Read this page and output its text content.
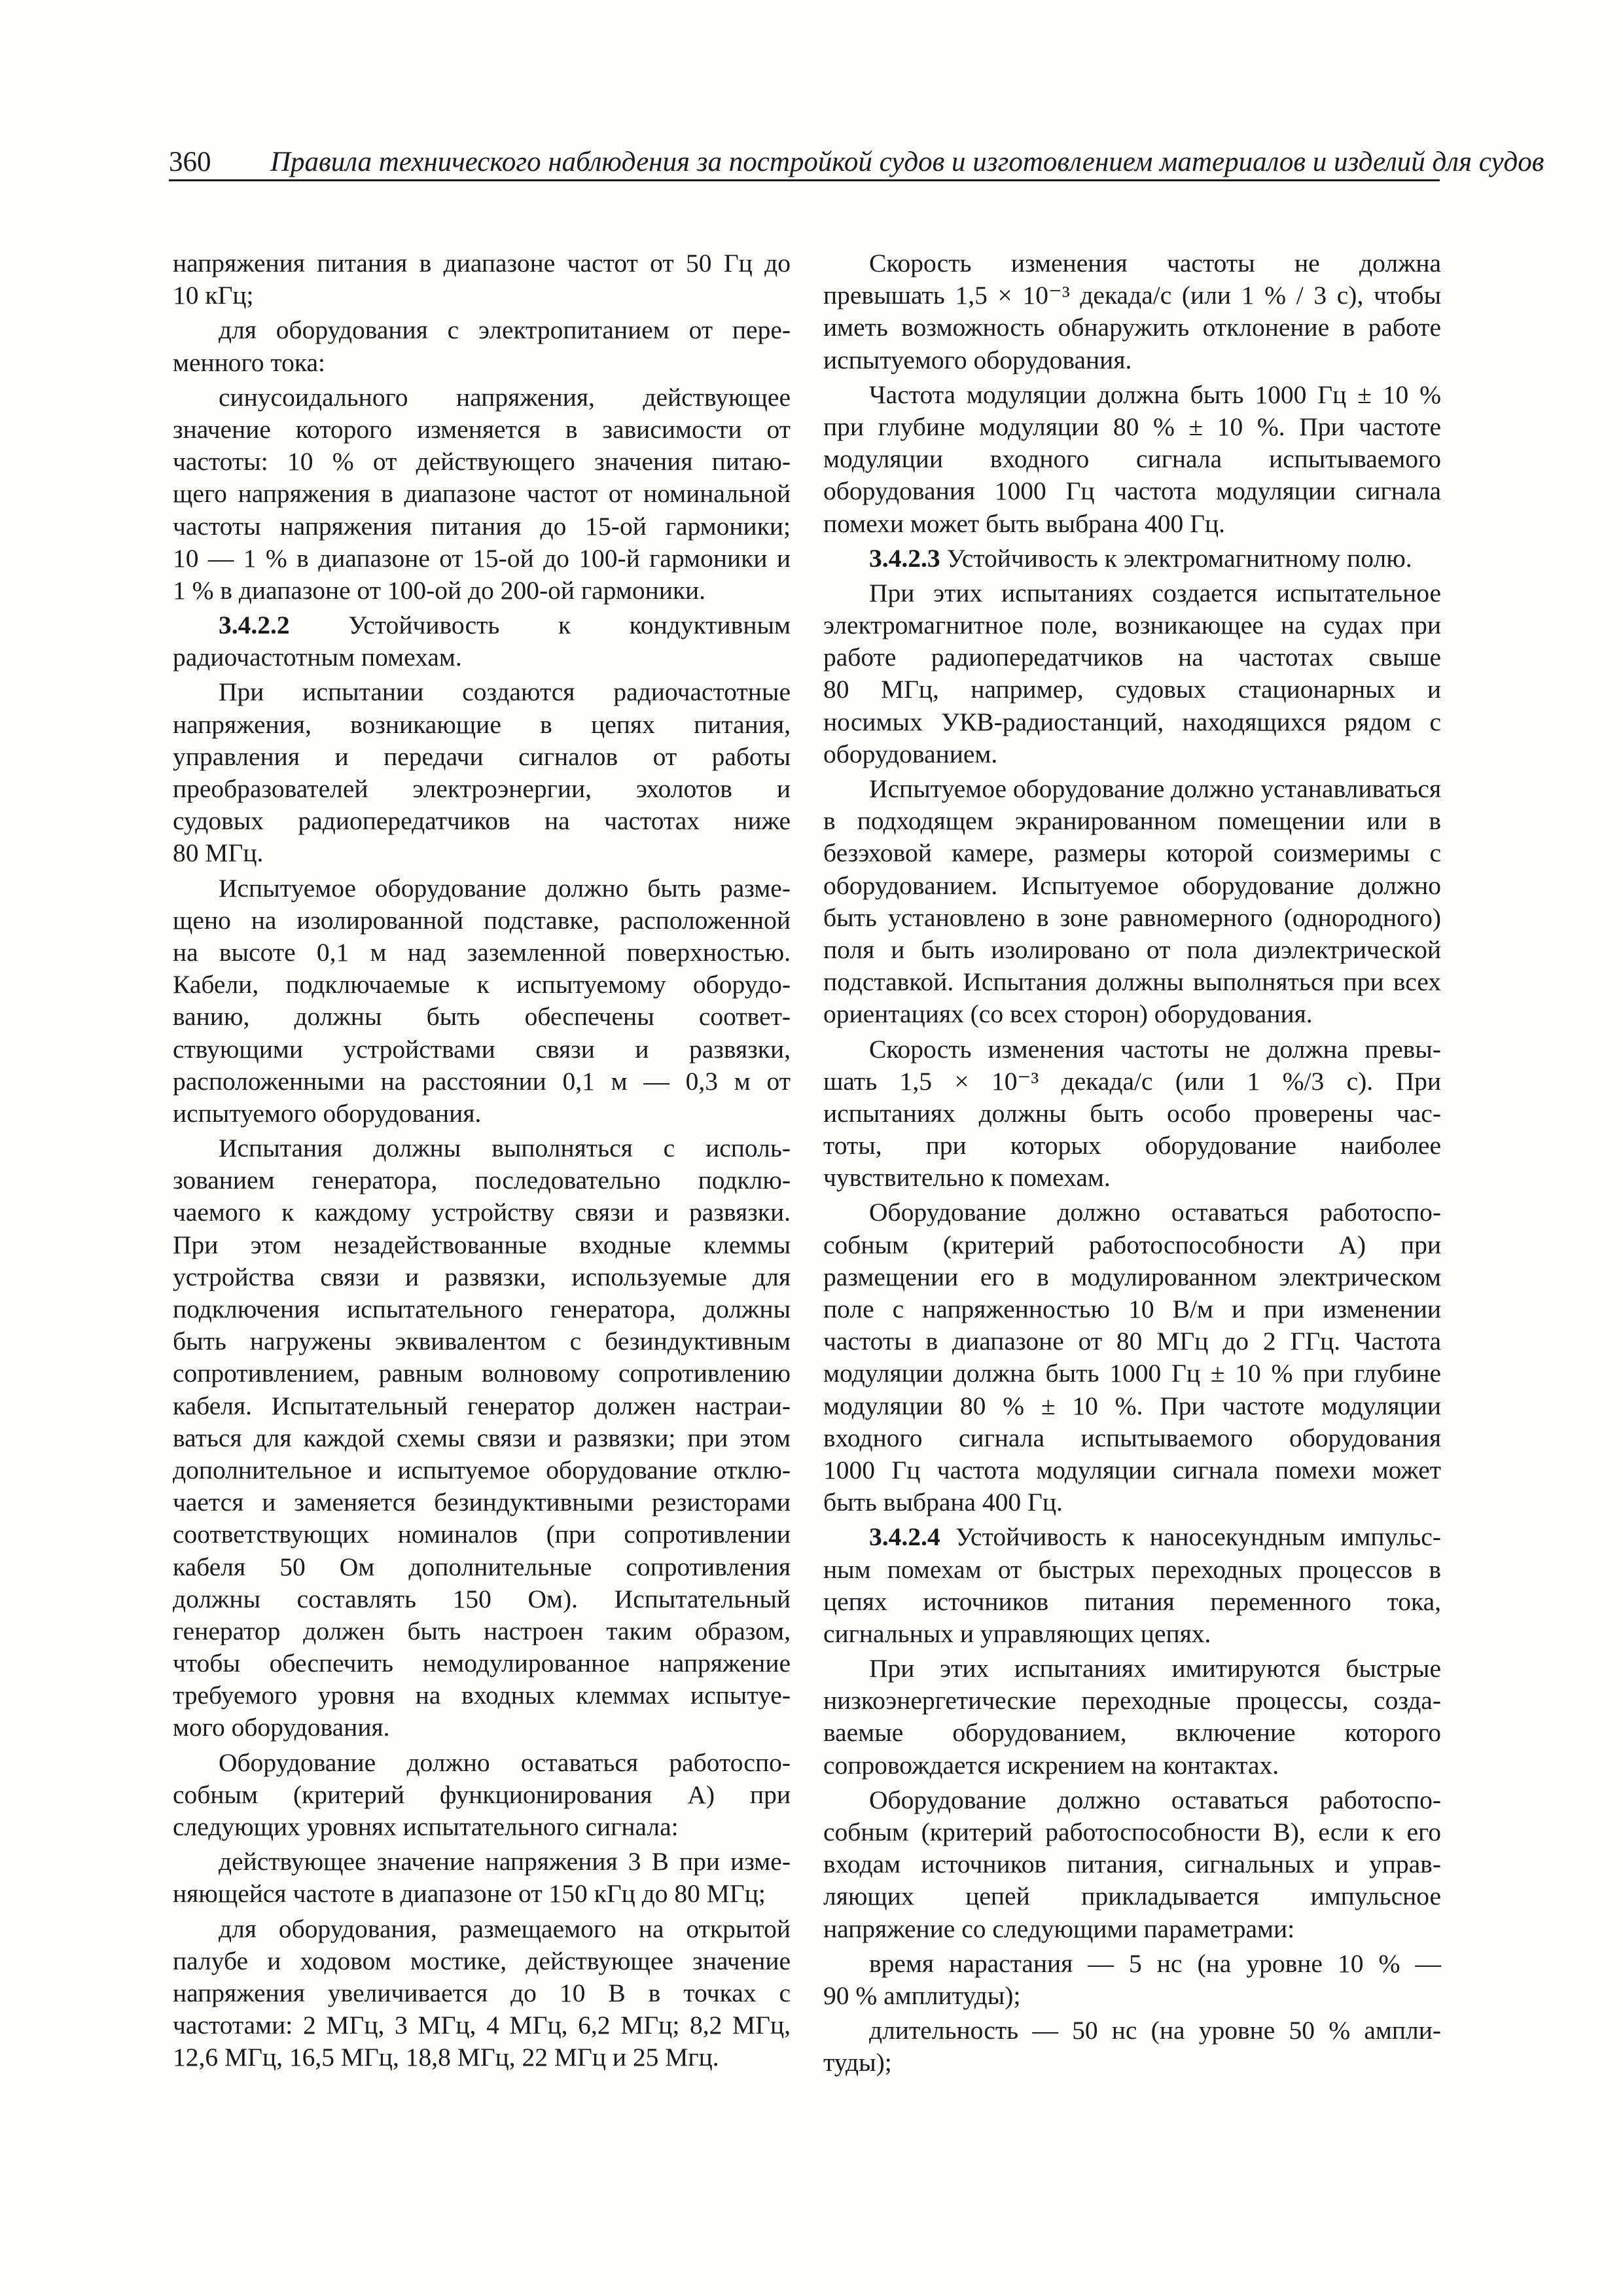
360 Правила технического наблюдения за постройкой судов и изготовлением материалов и изделий для судов
напряжения питания в диапазоне частот от 50 Гц до
10 кГц;
для оборудования с электропитанием от пере-
менного тока:
синусоидального напряжения, действующее
значение которого изменяется в зависимости от
частоты: 10 % от действующего значения питаю-
щего напряжения в диапазоне частот от номинальной
частоты напряжения питания до 15-ой гармоники;
10 — 1 % в диапазоне от 15-ой до 100-й гармоники и
1 % в диапазоне от 100-ой до 200-ой гармоники.
3.4.2.2 Устойчивость к кондуктивным
радиочастотным помехам.
При испытании создаются радиочастотные
напряжения, возникающие в цепях питания,
управления и передачи сигналов от работы
преобразователей электроэнергии, эхолотов и
судовых радиопередатчиков на частотах ниже
80 МГц.
Испытуемое оборудование должно быть разме-
щено на изолированной подставке, расположенной
на высоте 0,1 м над заземленной поверхностью.
Кабели, подключаемые к испытуемому оборудо-
ванию, должны быть обеспечены соответ-
ствующими устройствами связи и развязки,
расположенными на расстоянии 0,1 м — 0,3 м от
испытуемого оборудования.
Испытания должны выполняться с исполь-
зованием генератора, последовательно подклю-
чаемого к каждому устройству связи и развязки.
При этом незадействованные входные клеммы
устройства связи и развязки, используемые для
подключения испытательного генератора, должны
быть нагружены эквивалентом с безиндуктивным
сопротивлением, равным волновому сопротивлению
кабеля. Испытательный генератор должен настраи-
ваться для каждой схемы связи и развязки; при этом
дополнительное и испытуемое оборудование отклю-
чается и заменяется безиндуктивными резисторами
соответствующих номиналов (при сопротивлении
кабеля 50 Ом дополнительные сопротивления
должны составлять 150 Ом). Испытательный
генератор должен быть настроен таким образом,
чтобы обеспечить немодулированное напряжение
требуемого уровня на входных клеммах испытуе-
мого оборудования.
Оборудование должно оставаться работоспо-
собным (критерий функционирования А) при
следующих уровнях испытательного сигнала:
действующее значение напряжения 3 В при изме-
няющейся частоте в диапазоне от 150 кГц до 80 МГц;
для оборудования, размещаемого на открытой
палубе и ходовом мостике, действующее значение
напряжения увеличивается до 10 В в точках с
частотами: 2 МГц, 3 МГц, 4 МГц, 6,2 МГц; 8,2 МГц,
12,6 МГц, 16,5 МГц, 18,8 МГц, 22 МГц и 25 Мгц.
Скорость изменения частоты не должна
превышать 1,5 × 10⁻³ декада/с (или 1 % / 3 с), чтобы
иметь возможность обнаружить отклонение в работе
испытуемого оборудования.
Частота модуляции должна быть 1000 Гц ± 10 %
при глубине модуляции 80 % ± 10 %. При частоте
модуляции входного сигнала испытываемого
оборудования 1000 Гц частота модуляции сигнала
помехи может быть выбрана 400 Гц.
3.4.2.3 Устойчивость к электромагнитному полю.
При этих испытаниях создается испытательное
электромагнитное поле, возникающее на судах при
работе радиопередатчиков на частотах свыше
80 МГц, например, судовых стационарных и
носимых УКВ-радиостанций, находящихся рядом с
оборудованием.
Испытуемое оборудование должно устанавливаться
в подходящем экранированном помещении или в
безэховой камере, размеры которой соизмеримы с
оборудованием. Испытуемое оборудование должно
быть установлено в зоне равномерного (однородного)
поля и быть изолировано от пола диэлектрической
подставкой. Испытания должны выполняться при всех
ориентациях (со всех сторон) оборудования.
Скорость изменения частоты не должна превы-
шать 1,5 × 10⁻³ декада/с (или 1 %/3 с). При
испытаниях должны быть особо проверены час-
тоты, при которых оборудование наиболее
чувствительно к помехам.
Оборудование должно оставаться работоспо-
собным (критерий работоспособности А) при
размещении его в модулированном электрическом
поле с напряженностью 10 В/м и при изменении
частоты в диапазоне от 80 МГц до 2 ГГц. Частота
модуляции должна быть 1000 Гц ± 10 % при глубине
модуляции 80 % ± 10 %. При частоте модуляции
входного сигнала испытываемого оборудования
1000 Гц частота модуляции сигнала помехи может
быть выбрана 400 Гц.
3.4.2.4 Устойчивость к наносекундным импульс-
ным помехам от быстрых переходных процессов в
цепях источников питания переменного тока,
сигнальных и управляющих цепях.
При этих испытаниях имитируются быстрые
низкоэнергетические переходные процессы, созда-
ваемые оборудованием, включение которого
сопровождается искрением на контактах.
Оборудование должно оставаться работоспо-
собным (критерий работоспособности В), если к его
входам источников питания, сигнальных и управ-
ляющих цепей прикладывается импульсное
напряжение со следующими параметрами:
время нарастания — 5 нс (на уровне 10 % —
90 % амплитуды);
длительность — 50 нс (на уровне 50 % ампли-
туды);
